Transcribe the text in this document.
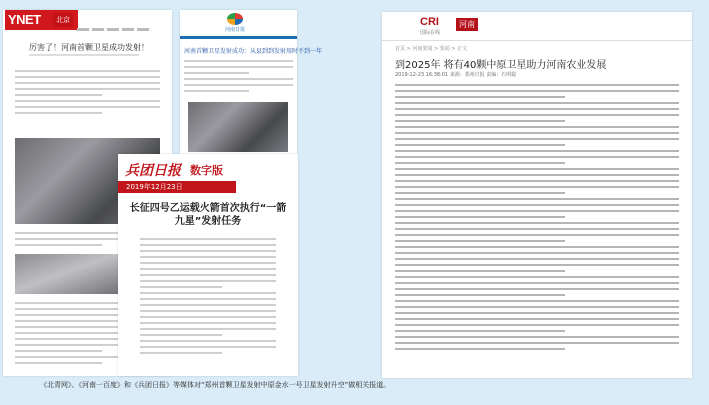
YNET	北京青年
厉害了！河南首颗卫星成功发射！
河南日报
河南首颗卫星发射成功：从县到到发射用时不到一年
兵团日报 数字版
2019年12月23日
长征四号乙运载火箭首次执行“一箭九星”发射任务
CRI
国际在线
河南
首页 > 河南要闻 > 要闻 > 正文
到2025年 将有40颗中原卫星助力河南农业发展
2019-12-23 16:38:01 来源：郑州日报 责编：石明聪
《北青网》、《河南一百度》和《兵团日报》等媒体对“郑州首颗卫星发射中原金水一号卫星发射升空”做相关报道。
